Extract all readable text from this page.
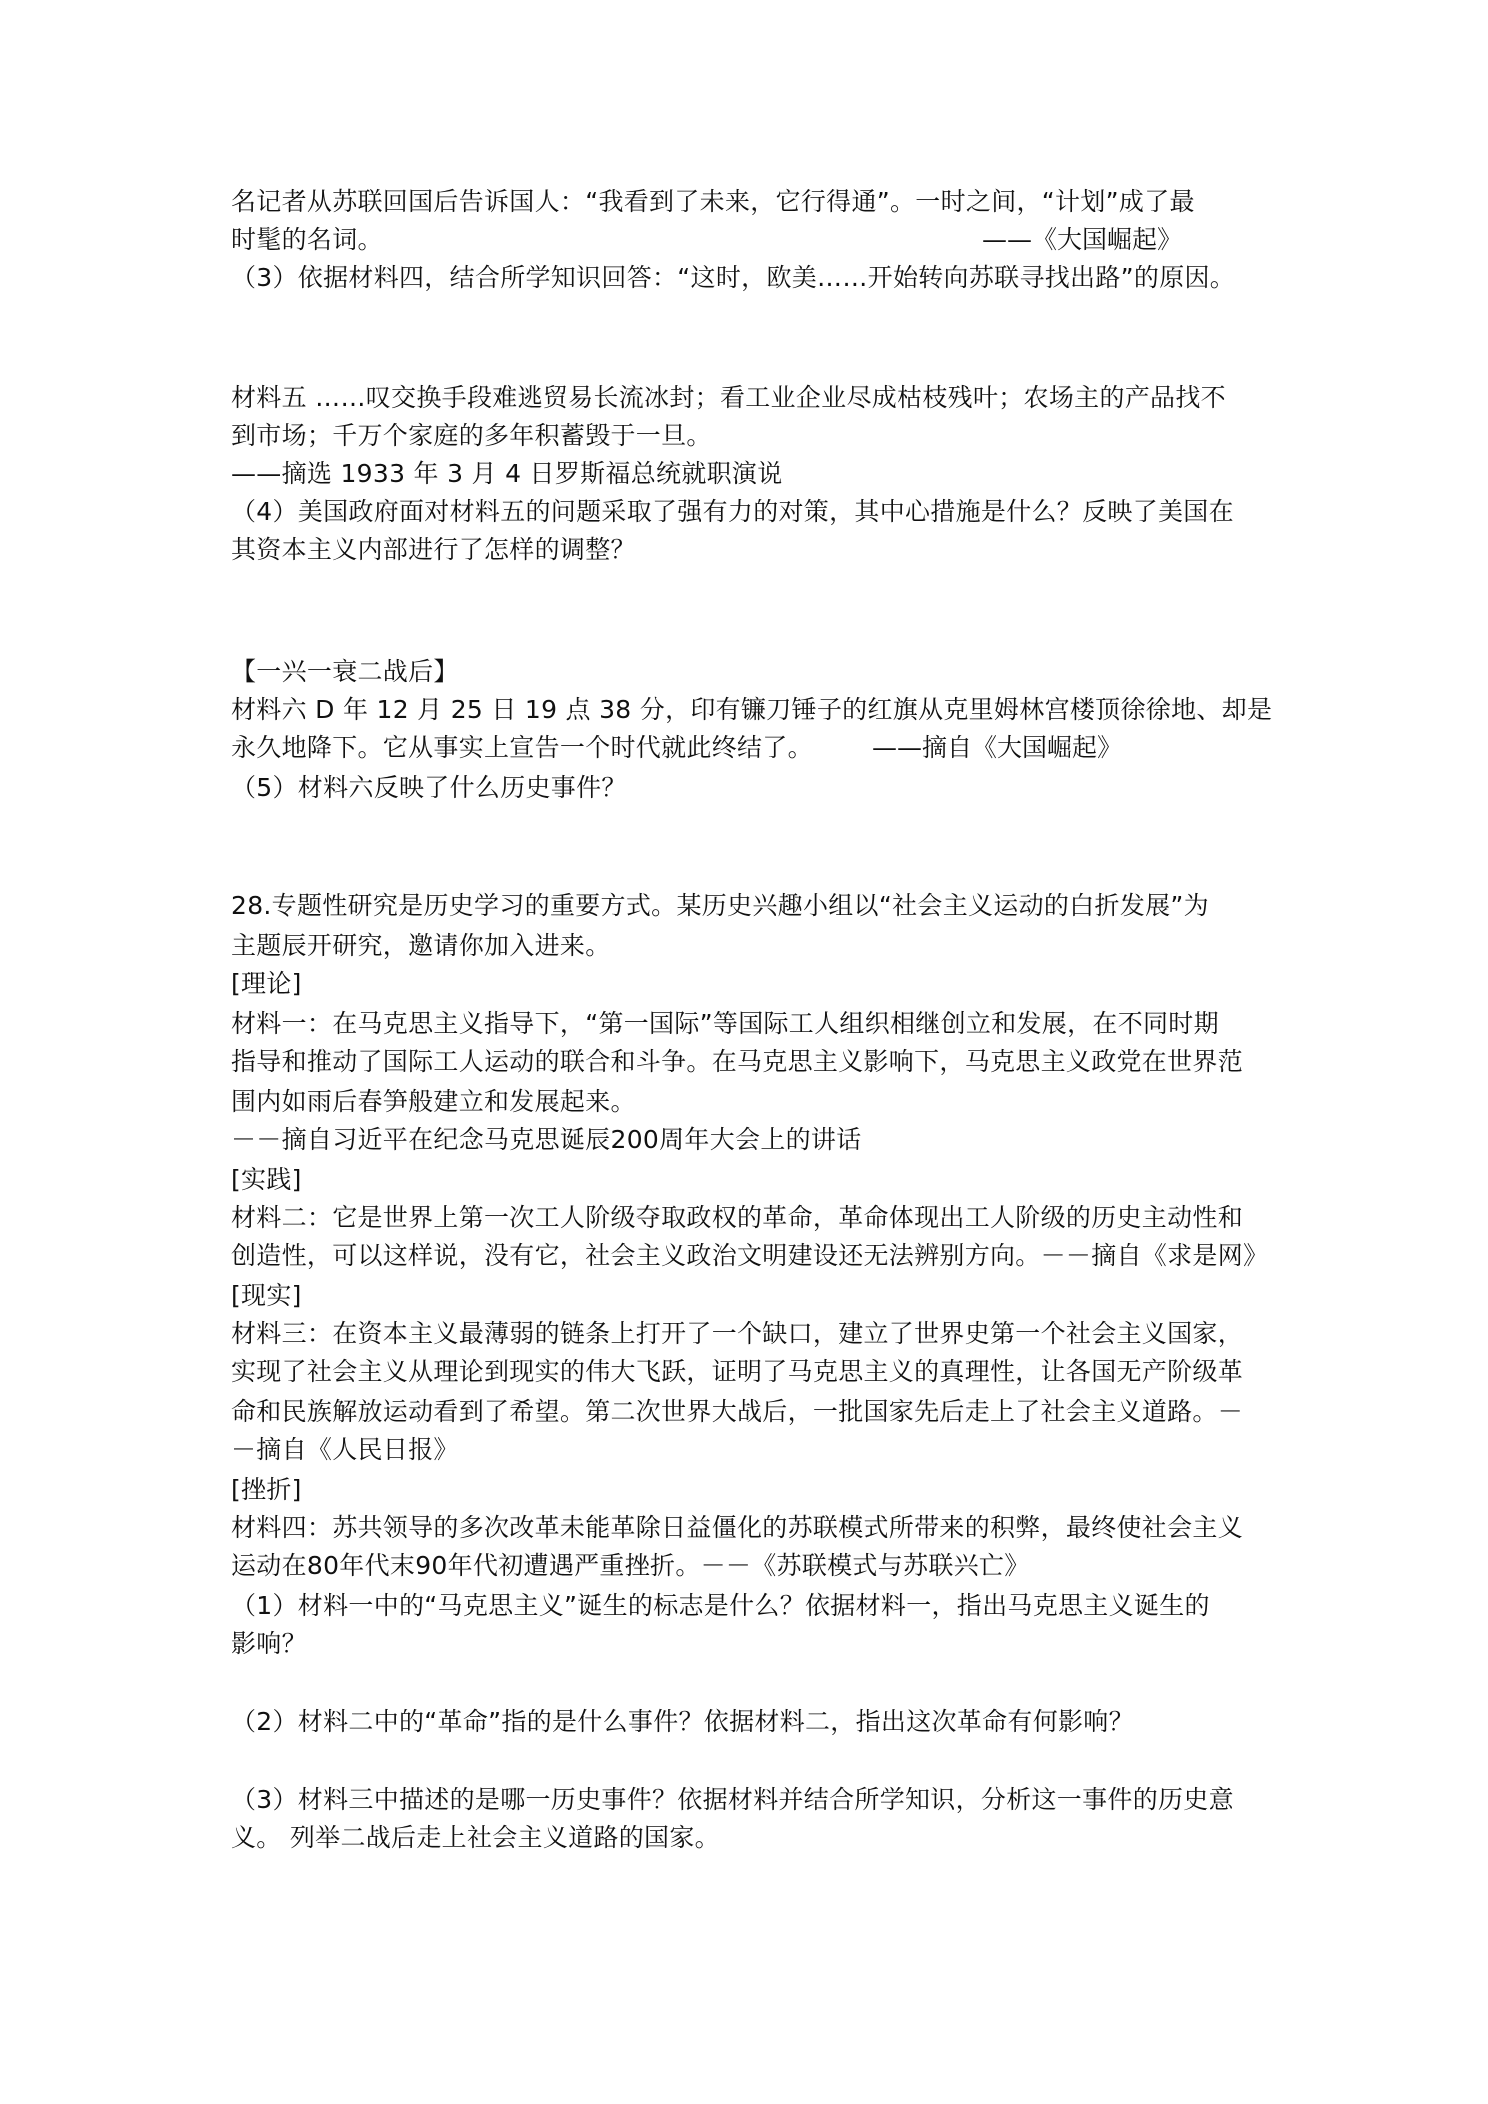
名记者从苏联回国后告诉国人：“我看到了未来，它行得通”。一时之间，“计划”成了最
时髦的名词。	——《大国崛起》
（3）依据材料四，结合所学知识回答：“这时，欧美……开始转向苏联寻找出路”的原因。
材料五 ……叹交换手段难逃贸易长流冰封；看工业企业尽成枯枝残叶；农场主的产品找不
到市场；千万个家庭的多年积蓄毁于一旦。
——摘选 1933 年 3 月 4 日罗斯福总统就职演说
（4）美国政府面对材料五的问题采取了强有力的对策，其中心措施是什么？反映了美国在
其资本主义内部进行了怎样的调整？
【一兴一衰二战后】
材料六 D 年 12 月 25 日 19 点 38 分，印有镰刀锤子的红旗从克里姆林宫楼顶徐徐地、却是
永久地降下。它从事实上宣告一个时代就此终结了。	——摘自《大国崛起》
（5）材料六反映了什么历史事件？
28.专题性研究是历史学习的重要方式。某历史兴趣小组以“社会主义运动的白折发展”为
主题辰开研究，邀请你加入进来。
[理论]
材料一：在马克思主义指导下，“第一国际”等国际工人组织相继创立和发展，在不同时期
指导和推动了国际工人运动的联合和斗争。在马克思主义影响下，马克思主义政党在世界范
围内如雨后春笋般建立和发展起来。
－－摘自习近平在纪念马克思诞辰200周年大会上的讲话
[实践]
材料二：它是世界上第一次工人阶级夺取政权的革命，革命体现出工人阶级的历史主动性和
创造性，可以这样说，没有它，社会主义政治文明建设还无法辨别方向。－－摘自《求是网》
[现实]
材料三：在资本主义最薄弱的链条上打开了一个缺口，建立了世界史第一个社会主义国家，
实现了社会主义从理论到现实的伟大飞跃，证明了马克思主义的真理性，让各国无产阶级革
命和民族解放运动看到了希望。第二次世界大战后，一批国家先后走上了社会主义道路。－
－摘自《人民日报》
[挫折]
材料四：苏共领导的多次改革未能革除日益僵化的苏联模式所带来的积弊，最终使社会主义
运动在80年代末90年代初遭遇严重挫折。－－《苏联模式与苏联兴亡》
（1）材料一中的“马克思主义”诞生的标志是什么？依据材料一，指出马克思主义诞生的
影响？
（2）材料二中的“革命”指的是什么事件？依据材料二，指出这次革命有何影响？
（3）材料三中描述的是哪一历史事件？依据材料并结合所学知识，分析这一事件的历史意
义。 列举二战后走上社会主义道路的国家。
